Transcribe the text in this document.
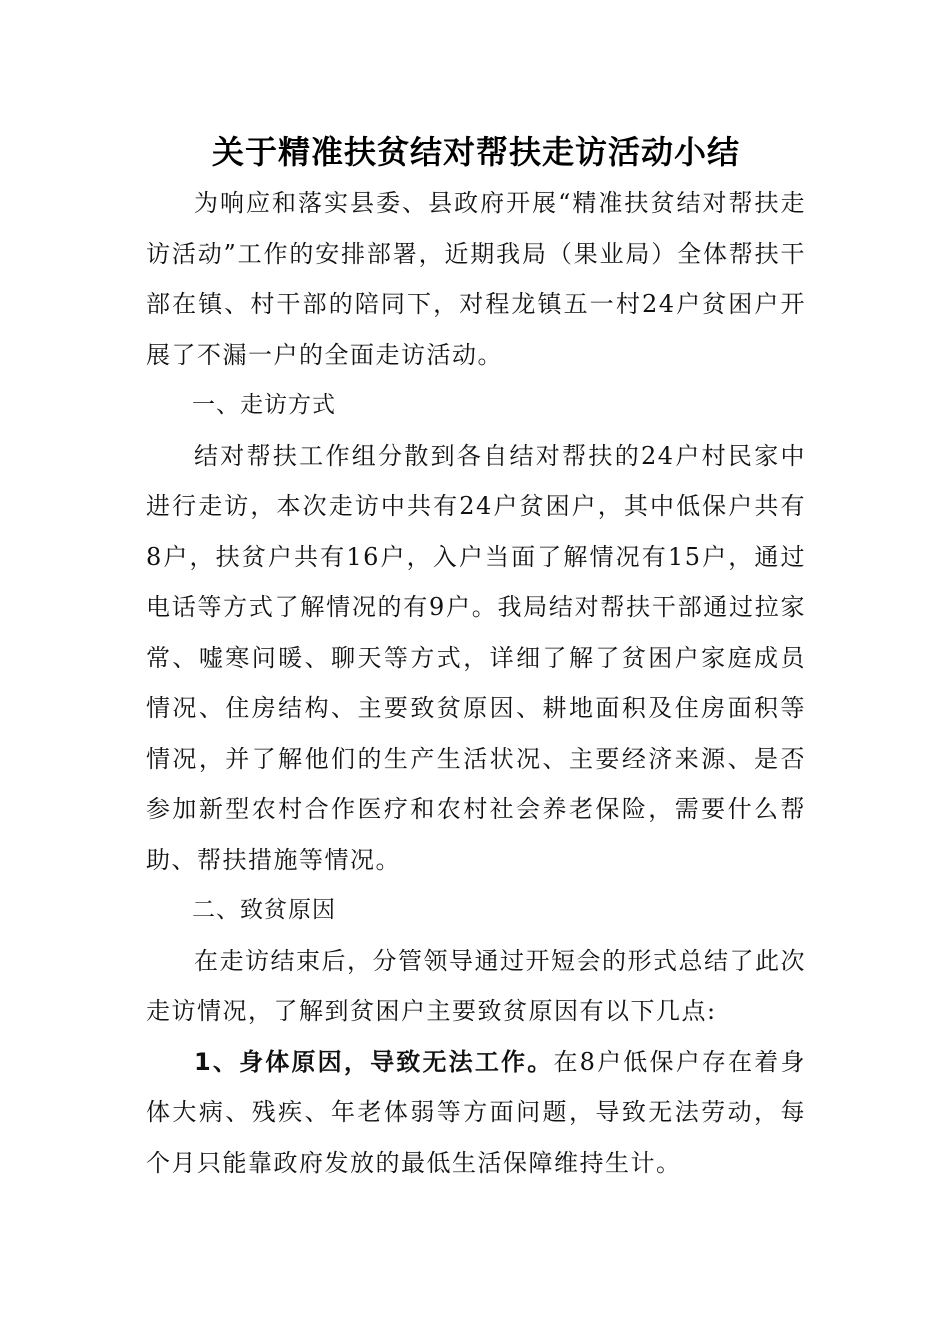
关于精准扶贫结对帮扶走访活动小结

为响应和落实县委、县政府开展“精准扶贫结对帮扶走访活动”工作的安排部署，近期我局（果业局）全体帮扶干部在镇、村干部的陪同下，对程龙镇五一村24户贫困户开展了不漏一户的全面走访活动。

一、走访方式

结对帮扶工作组分散到各自结对帮扶的24户村民家中进行走访，本次走访中共有24户贫困户，其中低保户共有8户，扶贫户共有16户，入户当面了解情况有15户，通过电话等方式了解情况的有9户。我局结对帮扶干部通过拉家常、嘘寒问暖、聊天等方式，详细了解了贫困户家庭成员情况、住房结构、主要致贫原因、耕地面积及住房面积等情况，并了解他们的生产生活状况、主要经济来源、是否参加新型农村合作医疗和农村社会养老保险，需要什么帮助、帮扶措施等情况。

二、致贫原因

在走访结束后，分管领导通过开短会的形式总结了此次走访情况，了解到贫困户主要致贫原因有以下几点:

1、身体原因，导致无法工作。在8户低保户存在着身体大病、残疾、年老体弱等方面问题，导致无法劳动，每个月只能靠政府发放的最低生活保障维持生计。
